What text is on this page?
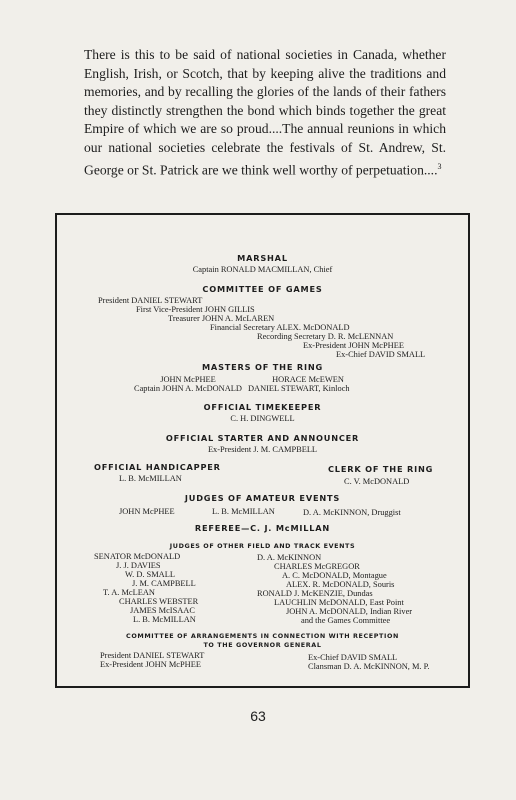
There is this to be said of national societies in Canada, whether English, Irish, or Scotch, that by keeping alive the traditions and memories, and by recalling the glories of the lands of their fathers they distinctly strengthen the bond which binds together the great Empire of which we are so proud....The annual reunions in which our national societies celebrate the festivals of St. Andrew, St. George or St. Patrick are we think well worthy of perpetuation....$^3$
MARSHAL
Captain RONALD MACMILLAN, Chief
COMMITTEE OF GAMES
President DANIEL STEWART
First Vice-President JOHN GILLIS
Treasurer JOHN A. McLAREN
Financial Secretary ALEX. McDONALD
Recording Secretary D. R. McLENNAN
Ex-President JOHN McPHEE
Ex-Chief DAVID SMALL
MASTERS OF THE RING
JOHN McPHEE	HORACE McEWEN
Captain JOHN A. McDONALD DANIEL STEWART, Kinloch
OFFICIAL TIMEKEEPER
C. H. DINGWELL
OFFICIAL STARTER AND ANNOUNCER
Ex-President J. M. CAMPBELL
OFFICIAL HANDICAPPER
L. B. McMILLAN
CLERK OF THE RING
C. V. McDONALD
JUDGES OF AMATEUR EVENTS
JOHN McPHEE	L. B. McMILLAN	D. A. McKINNON, Druggist
REFEREE—C. J. McMILLAN
JUDGES OF OTHER FIELD AND TRACK EVENTS
SENATOR McDONALD
J. J. DAVIES
W. D. SMALL
J. M. CAMPBELL
T. A. McLEAN
CHARLES WEBSTER
JAMES McISAAC
L. B. McMILLAN
D. A. McKINNON
CHARLES McGREGOR
A. C. McDONALD, Montague
ALEX. R. McDONALD, Souris
RONALD J. McKENZIE, Dundas
LAUCHLIN McDONALD, East Point
JOHN A. McDONALD, Indian River
and the Games Committee
COMMITTEE OF ARRANGEMENTS IN CONNECTION WITH RECEPTION
TO THE GOVERNOR GENERAL
President DANIEL STEWART
Ex-President JOHN McPHEE
Ex-Chief DAVID SMALL
Clansman D. A. McKINNON, M. P.
63
